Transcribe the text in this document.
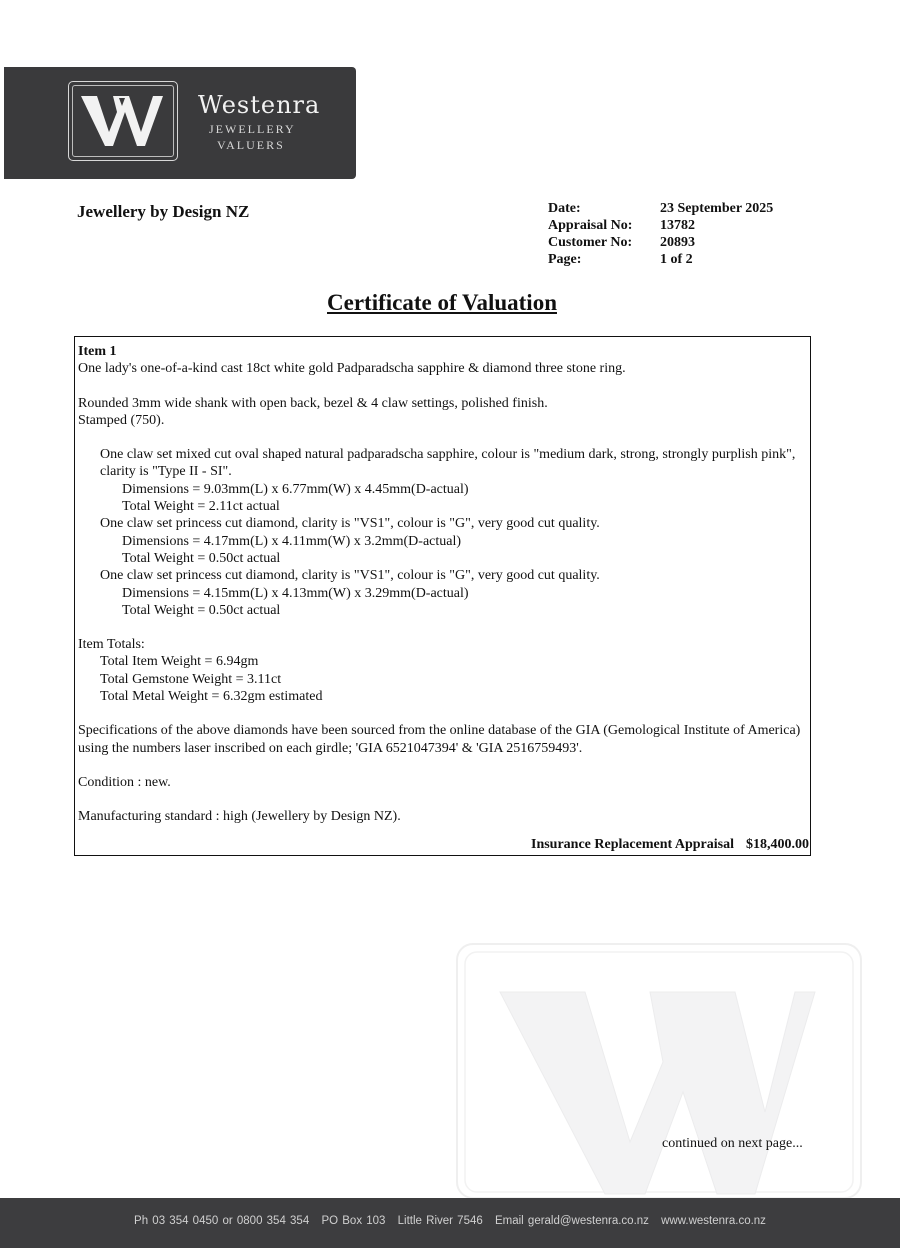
Westenra
JEWELLERY
VALUERS
Jewellery by Design NZ	Date:	23 September 2025
Appraisal No:	13782
Customer No:	20893
Page:	1 of 2
Certificate of Valuation

Item 1

One lady's one-of-a-kind cast 18ct white gold Padparadscha sapphire & diamond three stone ring.

Rounded 3mm wide shank with open back, bezel & 4 claw settings, polished finish.

Stamped (750).

One claw set mixed cut oval shaped natural padparadscha sapphire, colour is "medium dark, strong, strongly purplish pink", clarity is "Type II - SI".

Dimensions = 9.03mm(L) x 6.77mm(W) x 4.45mm(D-actual)

Total Weight = 2.11ct actual

One claw set princess cut diamond, clarity is "VS1", colour is "G", very good cut quality.

Dimensions = 4.17mm(L) x 4.11mm(W) x 3.2mm(D-actual)

Total Weight = 0.50ct actual

One claw set princess cut diamond, clarity is "VS1", colour is "G", very good cut quality.

Dimensions = 4.15mm(L) x 4.13mm(W) x 3.29mm(D-actual)

Total Weight = 0.50ct actual

Item Totals:

Total Item Weight = 6.94gm

Total Gemstone Weight = 3.11ct

Total Metal Weight = 6.32gm estimated

Specifications of the above diamonds have been sourced from the online database of the GIA (Gemological Institute of America) using the numbers laser inscribed on each girdle; 'GIA 6521047394' & 'GIA 2516759493'.

Condition : new.

Manufacturing standard : high (Jewellery by Design NZ).

Insurance Replacement Appraisal $18,400.00
continued on next page...
Ph 03 354 0450 or 0800 354 354 PO Box 103 Little River 7546 Email gerald@westenra.co.nz www.westenra.co.nz
